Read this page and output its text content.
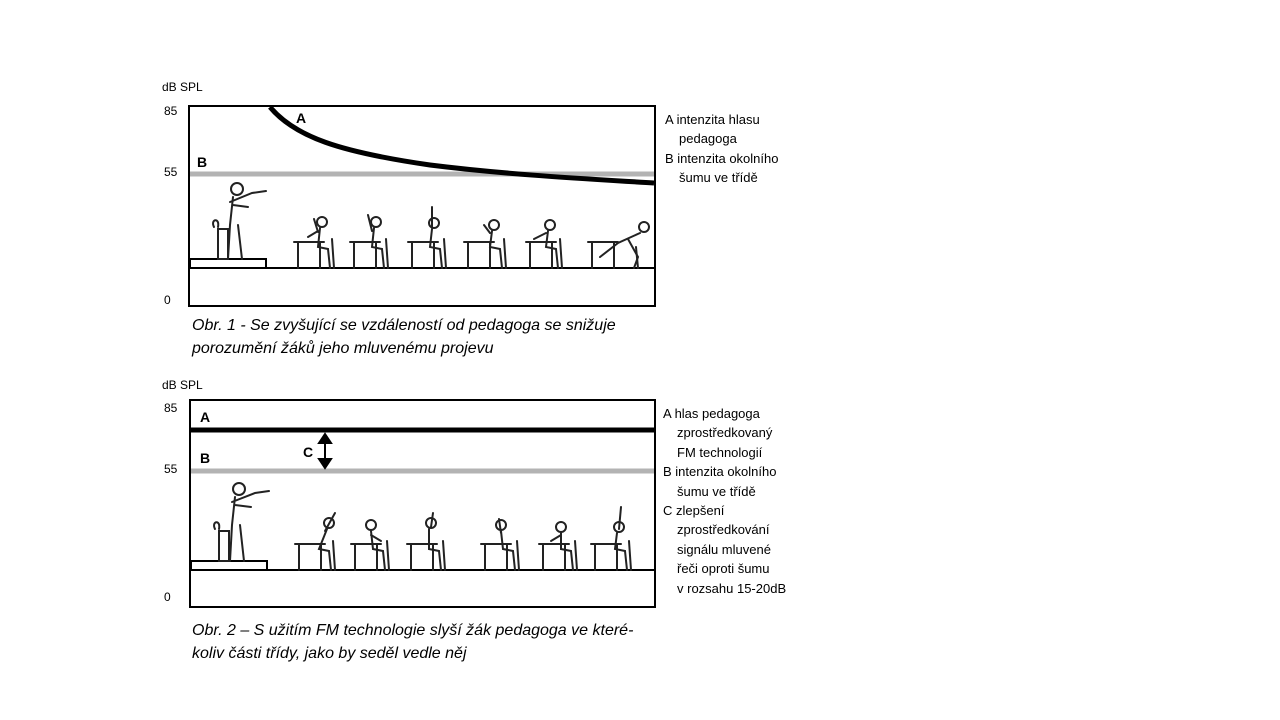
dB SPL
85
55
0
A
B
A intenzita hlasu
pedagoga
B intenzita okolního
šumu ve třídě
Obr. 1 - Se zvyšující se vzdáleností od pedagoga se snižuje
porozumění žáků jeho mluvenému projevu
dB SPL
85
55
0
A
B	C
A hlas pedagoga
zprostředkovaný
FM technologií
B intenzita okolního
šumu ve třídě
C zlepšení
zprostředkování
signálu mluvené
řeči oproti šumu
v rozsahu 15-20dB
Obr. 2 – S užitím FM technologie slyší žák pedagoga ve které-
koliv části třídy, jako by seděl vedle něj
